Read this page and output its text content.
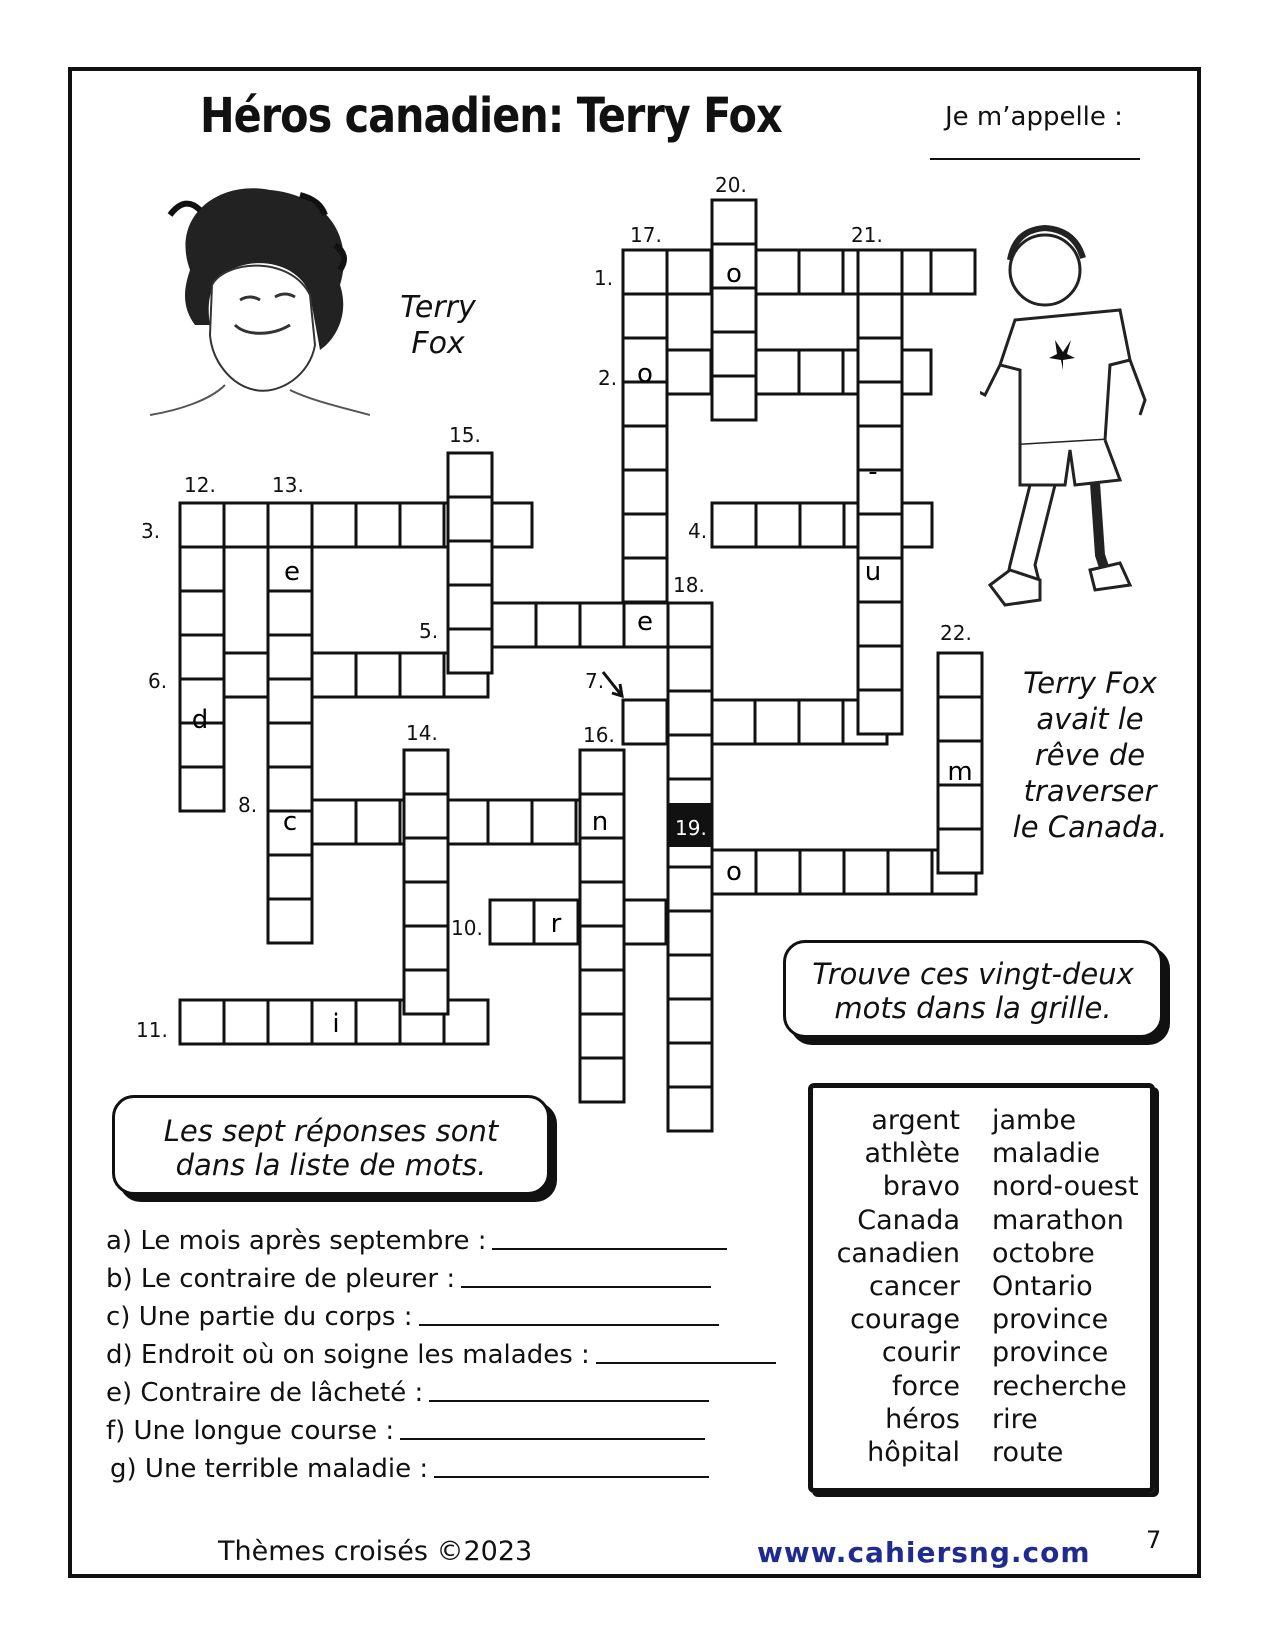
Héros canadien: Terry Fox	Je m’appelle :
Terry
Fox
Terry Fox
avait le
rêve de
traverser
le Canada.
1.
2.
3.	4.
5.
6.	7.
8.
10.
11.
12.	13.
14.
15.
16.
17.
18.
19.
20.
21.
22.
o
o
-
e	u
e
d
m
c	n
o
r
i
Trouve ces vingt-deux
mots dans la grille.
Les sept réponses sont
dans la liste de mots.
argent
athlète
bravo
Canada
canadien
cancer
courage
courir
force
héros
hôpital
jambe
maladie
nord-ouest
marathon
octobre
Ontario
province
province
recherche
rire
route
a) Le mois après septembre :
b) Le contraire de pleurer :
c) Une partie du corps :
d) Endroit où on soigne les malades :
e) Contraire de lâcheté :
f) Une longue course :
g) Une terrible maladie :
Thèmes croisés ©2023	www.cahiersng.com 7
